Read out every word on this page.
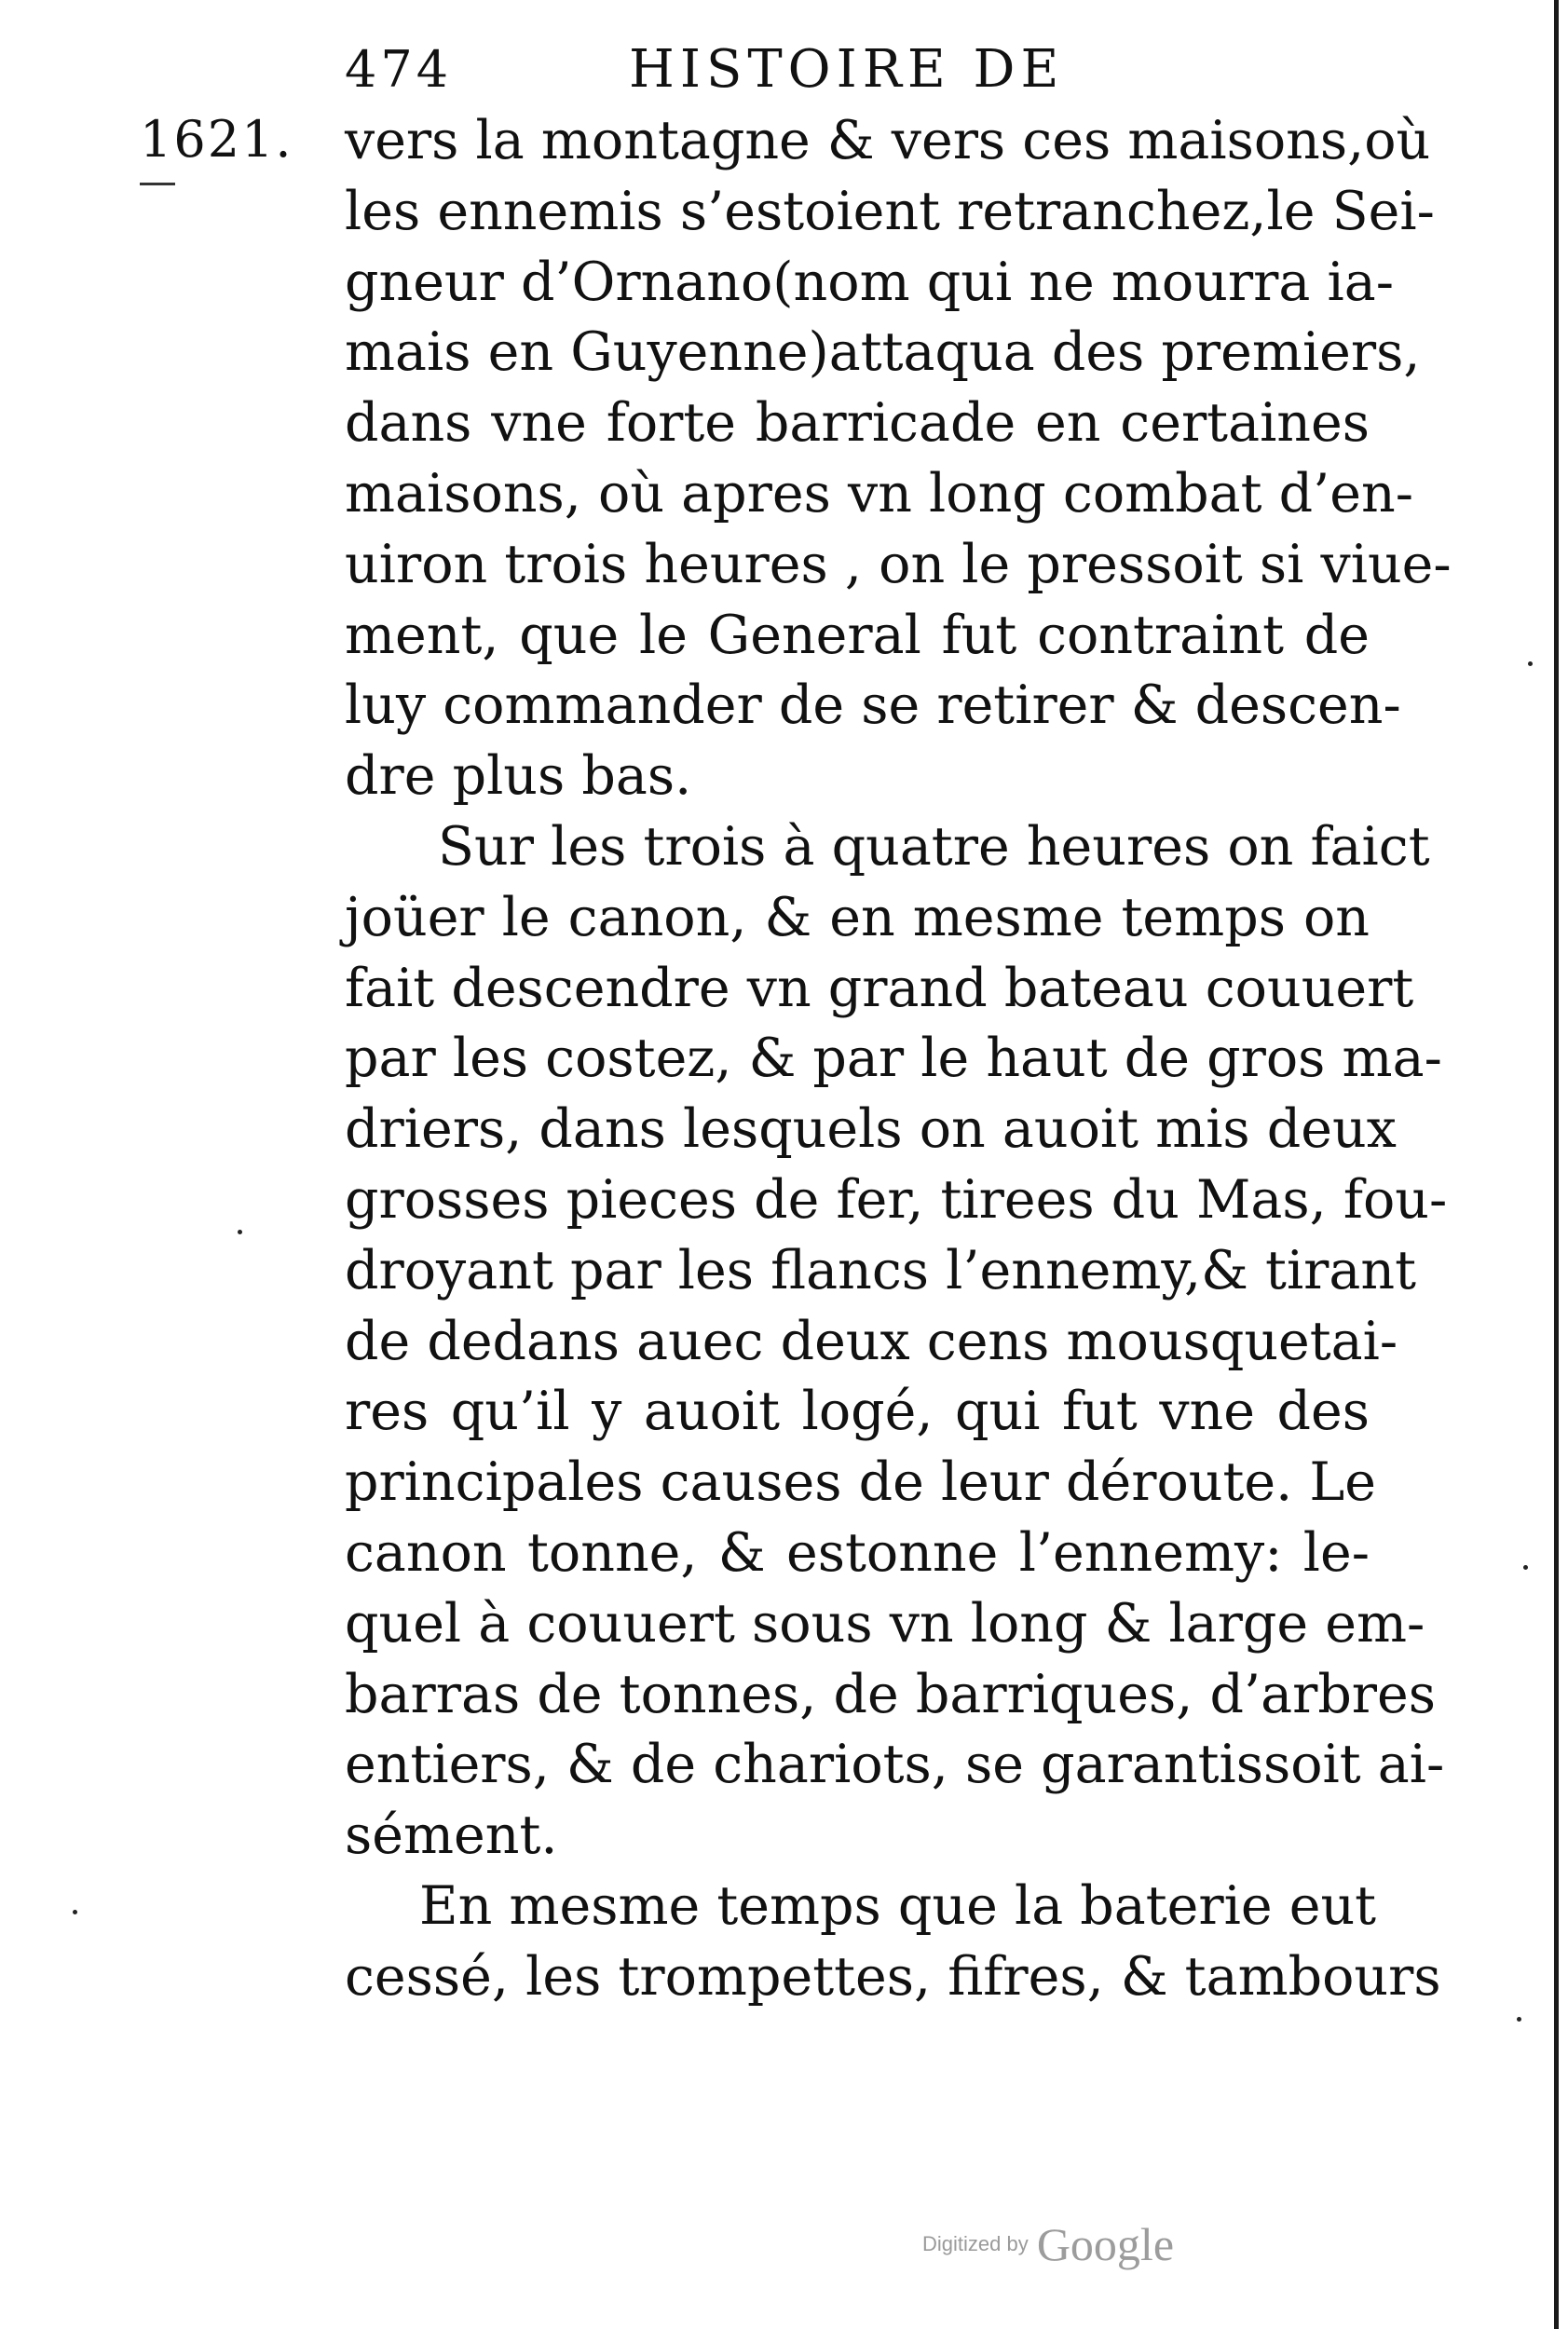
474	HISTOIRE DE
1621. vers la montagne & vers ces maisons,où
les ennemis s’estoient retranchez,le Sei-
gneur d’Ornano(nom qui ne mourra ia-
mais en Guyenne)attaqua des premiers,
dans vne forte barricade en certaines
maisons, où apres vn long combat d’en-
uiron trois heures , on le pressoit si viue-
ment, que le General fut contraint de
luy commander de se retirer & descen-
dre plus bas.
Sur les trois à quatre heures on faict
joüer le canon, & en mesme temps on
fait descendre vn grand bateau couuert
par les costez, & par le haut de gros ma-
driers, dans lesquels on auoit mis deux
grosses pieces de fer, tirees du Mas, fou-
droyant par les flancs l’ennemy,& tirant
de dedans auec deux cens mousquetai-
res qu’il y auoit logé, qui fut vne des
principales causes de leur déroute. Le
canon tonne, & estonne l’ennemy: le-
quel à couuert sous vn long & large em-
barras de tonnes, de barriques, d’arbres
entiers, & de chariots, se garantissoit ai-
sément.
En mesme temps que la baterie eut
cessé, les trompettes, fifres, & tambours
Digitized by Google
